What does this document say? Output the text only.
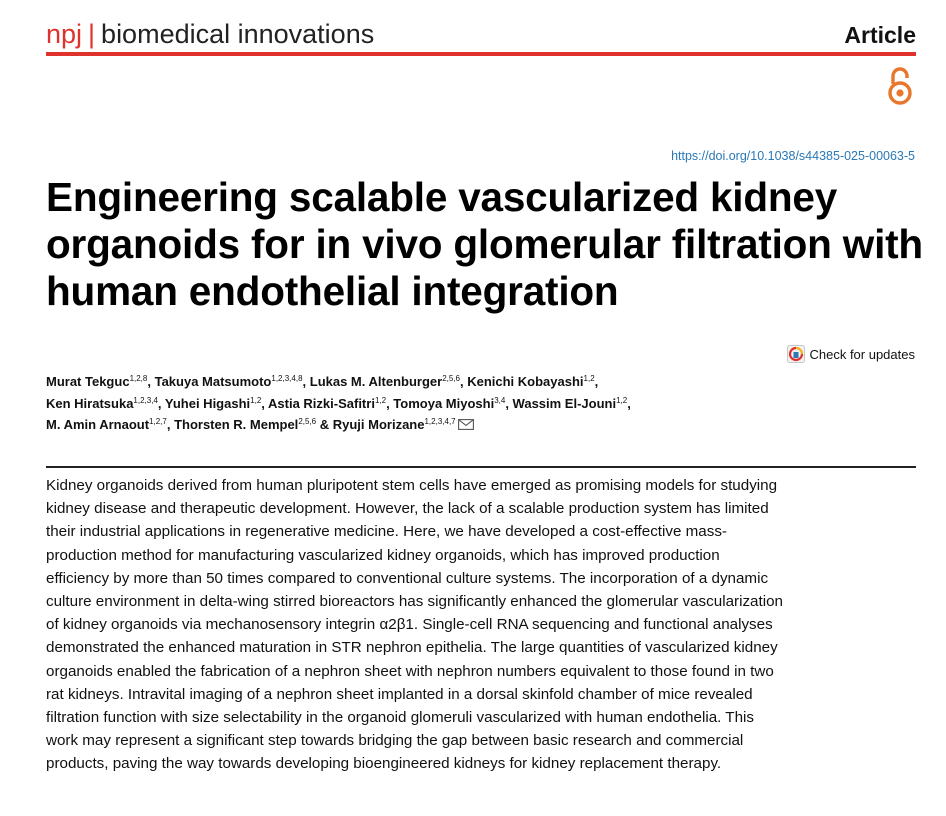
npj | biomedical innovations	Article
https://doi.org/10.1038/s44385-025-00063-5
Engineering scalable vascularized kidney organoids for in vivo glomerular filtration with human endothelial integration
Check for updates
Murat Tekguc$^{1,2,8}$, Takuya Matsumoto$^{1,2,3,4,8}$, Lukas M. Altenburger$^{2,5,6}$, Kenichi Kobayashi$^{1,2}$,
Ken Hiratsuka$^{1,2,3,4}$, Yuhei Higashi$^{1,2}$, Astia Rizki-Safitri$^{1,2}$, Tomoya Miyoshi$^{3,4}$, Wassim El-Jouni$^{1,2}$,
M. Amin Arnaout$^{1,2,7}$, Thorsten R. Mempel$^{2,5,6}$ & Ryuji Morizane$^{1,2,3,4,7}$

Kidney organoids derived from human pluripotent stem cells have emerged as promising models for studying kidney disease and therapeutic development. However, the lack of a scalable production system has limited their industrial applications in regenerative medicine. Here, we have developed a cost-effective mass-production method for manufacturing vascularized kidney organoids, which has improved production efficiency by more than 50 times compared to conventional culture systems. The incorporation of a dynamic culture environment in delta-wing stirred bioreactors has significantly enhanced the glomerular vascularization of kidney organoids via mechanosensory integrin α2β1. Single-cell RNA sequencing and functional analyses demonstrated the enhanced maturation in STR nephron epithelia. The large quantities of vascularized kidney organoids enabled the fabrication of a nephron sheet with nephron numbers equivalent to those found in two rat kidneys. Intravital imaging of a nephron sheet implanted in a dorsal skinfold chamber of mice revealed filtration function with size selectability in the organoid glomeruli vascularized with human endothelia. This work may represent a significant step towards bridging the gap between basic research and commercial products, paving the way towards developing bioengineered kidneys for kidney replacement therapy.
